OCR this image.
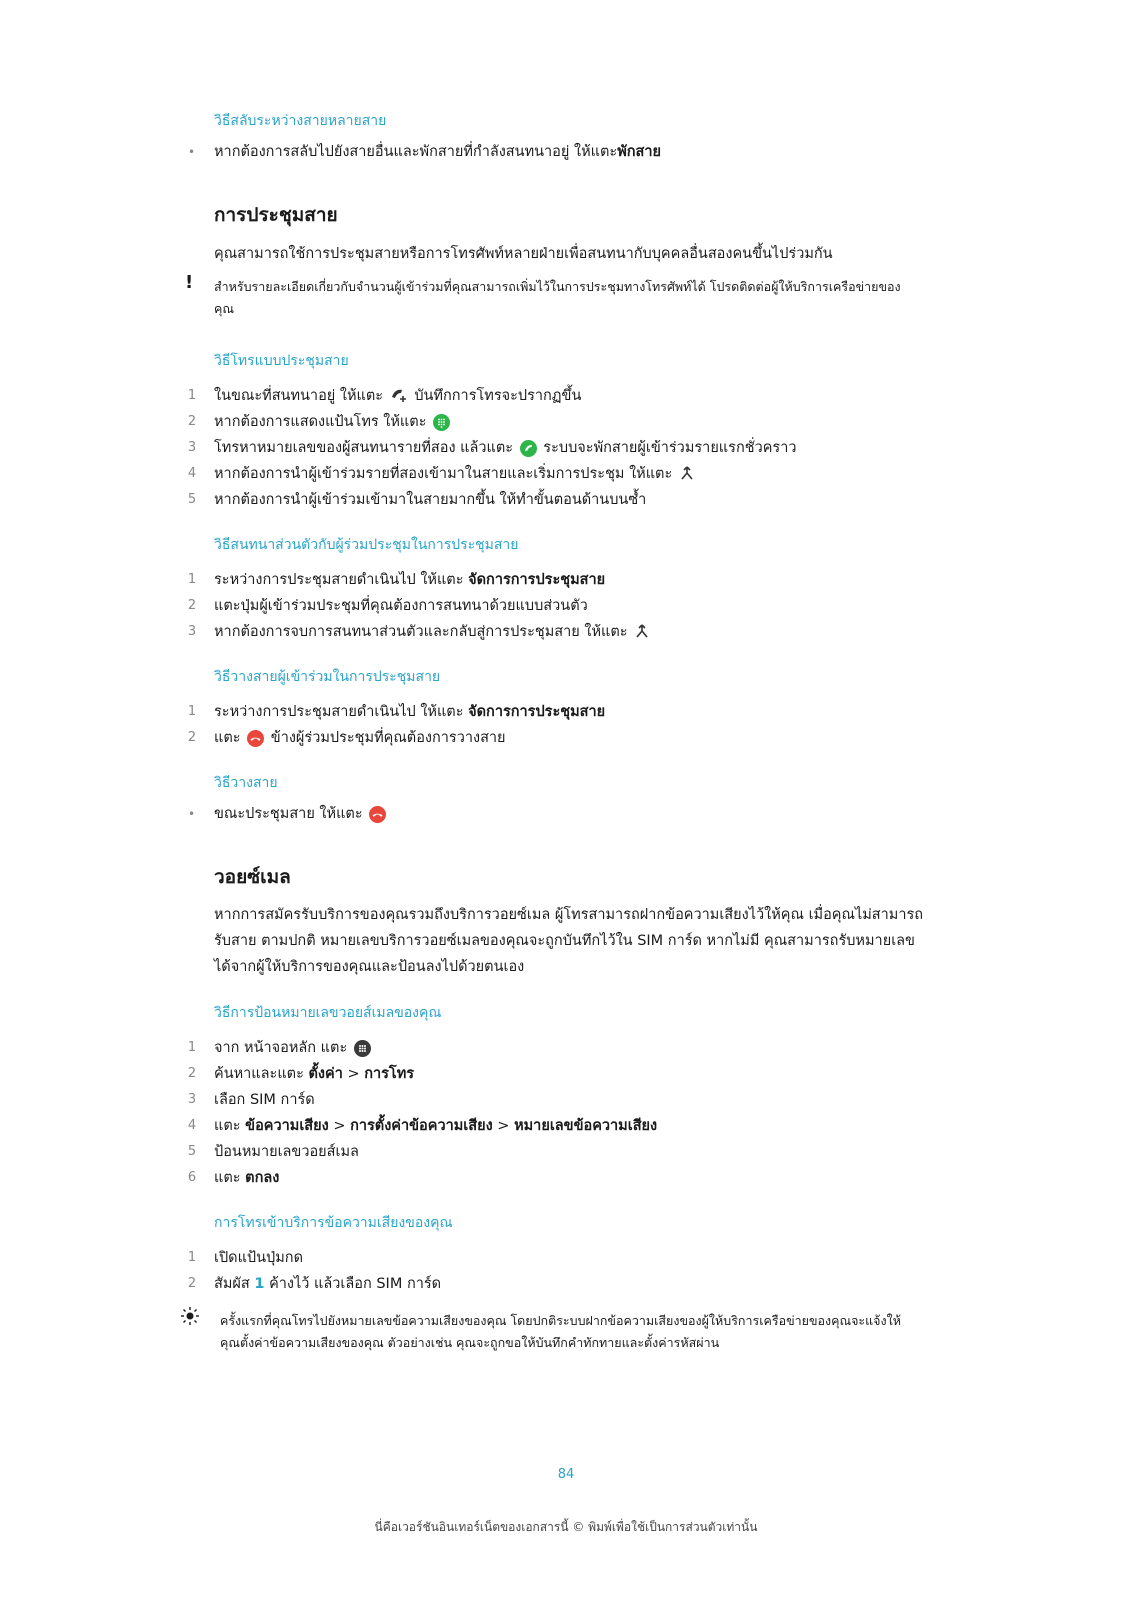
วิธีสลับระหว่างสายหลายสาย
• หากต้องการสลับไปยังสายอื่นและพักสายที่กำลังสนทนาอยู่ ให้แตะพักสาย
การประชุมสาย
คุณสามารถใช้การประชุมสายหรือการโทรศัพท์หลายฝ่ายเพื่อสนทนากับบุคคลอื่นสองคนขึ้นไปร่วมกัน
! สำหรับรายละเอียดเกี่ยวกับจำนวนผู้เข้าร่วมที่คุณสามารถเพิ่มไว้ในการประชุมทางโทรศัพท์ได้ โปรดติดต่อผู้ให้บริการเครือข่ายของคุณ
วิธีโทรแบบประชุมสาย
1 ในขณะที่สนทนาอยู่ ให้แตะ บันทึกการโทรจะปรากฏขึ้น
2 หากต้องการแสดงแป้นโทร ให้แตะ
3 โทรหาหมายเลขของผู้สนทนารายที่สอง แล้วแตะ ระบบจะพักสายผู้เข้าร่วมรายแรกชั่วคราว
4 หากต้องการนำผู้เข้าร่วมรายที่สองเข้ามาในสายและเริ่มการประชุม ให้แตะ
5 หากต้องการนำผู้เข้าร่วมเข้ามาในสายมากขึ้น ให้ทำขั้นตอนด้านบนซ้ำ
วิธีสนทนาส่วนตัวกับผู้ร่วมประชุมในการประชุมสาย
1 ระหว่างการประชุมสายดำเนินไป ให้แตะ จัดการการประชุมสาย
2 แตะปุ่มผู้เข้าร่วมประชุมที่คุณต้องการสนทนาด้วยแบบส่วนตัว
3 หากต้องการจบการสนทนาส่วนตัวและกลับสู่การประชุมสาย ให้แตะ
วิธีวางสายผู้เข้าร่วมในการประชุมสาย
1 ระหว่างการประชุมสายดำเนินไป ให้แตะ จัดการการประชุมสาย
2 แตะ ข้างผู้ร่วมประชุมที่คุณต้องการวางสาย
วิธีวางสาย
• ขณะประชุมสาย ให้แตะ
วอยซ์เมล
หากการสมัครรับบริการของคุณรวมถึงบริการวอยซ์เมล ผู้โทรสามารถฝากข้อความเสียงไว้ให้คุณ เมื่อคุณไม่สามารถ
รับสาย ตามปกติ หมายเลขบริการวอยซ์เมลของคุณจะถูกบันทึกไว้ใน SIM การ์ด หากไม่มี คุณสามารถรับหมายเลข
ได้จากผู้ให้บริการของคุณและป้อนลงไปด้วยตนเอง
วิธีการป้อนหมายเลขวอยส์เมลของคุณ
1 จาก หน้าจอหลัก แตะ
2 ค้นหาและแตะ ตั้งค่า > การโทร
3 เลือก SIM การ์ด
4 แตะ ข้อความเสียง > การตั้งค่าข้อความเสียง > หมายเลขข้อความเสียง
5 ป้อนหมายเลขวอยส์เมล
6 แตะ ตกลง
การโทรเข้าบริการข้อความเสียงของคุณ
1 เปิดแป้นปุ่มกด
2 สัมผัส 1 ค้างไว้ แล้วเลือก SIM การ์ด
ครั้งแรกที่คุณโทรไปยังหมายเลขข้อความเสียงของคุณ โดยปกติระบบฝากข้อความเสียงของผู้ให้บริการเครือข่ายของคุณจะแจ้งให้
คุณตั้งค่าข้อความเสียงของคุณ ตัวอย่างเช่น คุณจะถูกขอให้บันทึกคำทักทายและตั้งค่ารหัสผ่าน
84
นี่คือเวอร์ชันอินเทอร์เน็ตของเอกสารนี้ © พิมพ์เพื่อใช้เป็นการส่วนตัวเท่านั้น
